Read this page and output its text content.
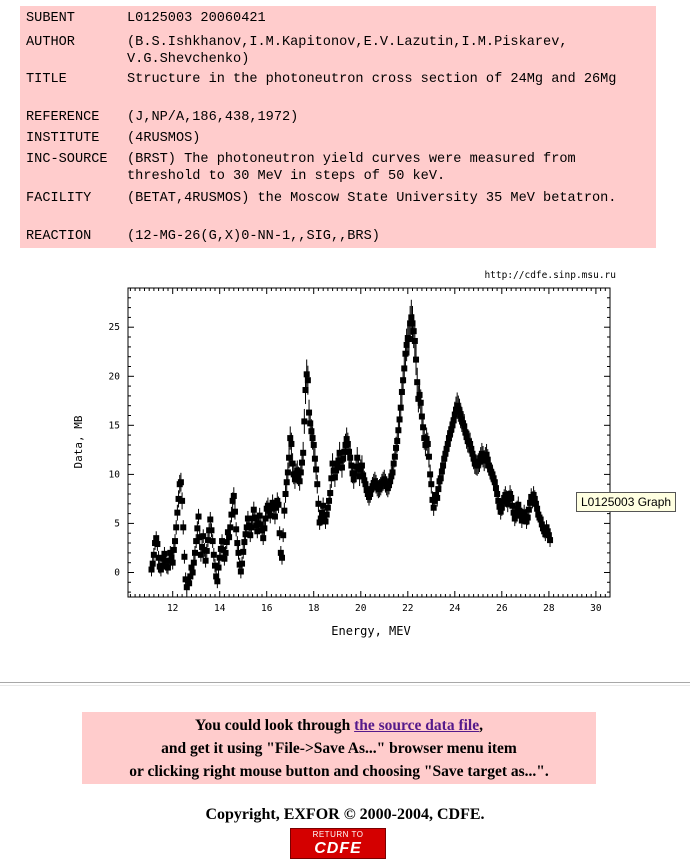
SUBENT	L0125003 20060421
AUTHOR	(B.S.Ishkhanov,I.M.Kapitonov,E.V.Lazutin,I.M.Piskarev, V.G.Shevchenko)
TITLE	Structure in the photoneutron cross section of 24Mg and 26Mg
REFERENCE (J,NP/A,186,438,1972)
INSTITUTE (4RUSMOS)
INC-SOURCE (BRST) The photoneutron yield curves were measured from threshold to 30 MeV in steps of 50 keV.
FACILITY	(BETAT,4RUSMOS) the Moscow State University 35 MeV betatron.
REACTION	(12-MG-26(G,X)0-NN-1,,SIG,,BRS)
http://cdfe.sinp.msu.ru
12	14	16	18	20	22	24	26	28	30
0
5
10
15
20
25
Energy, MEV
Data, MB
L0125003 Graph
You could look through the source data file,
and get it using "File->Save As..." browser menu item
or clicking right mouse button and choosing "Save target as...".
Copyright, EXFOR © 2000-2004, CDFE.
RETURN TO
CDFE
